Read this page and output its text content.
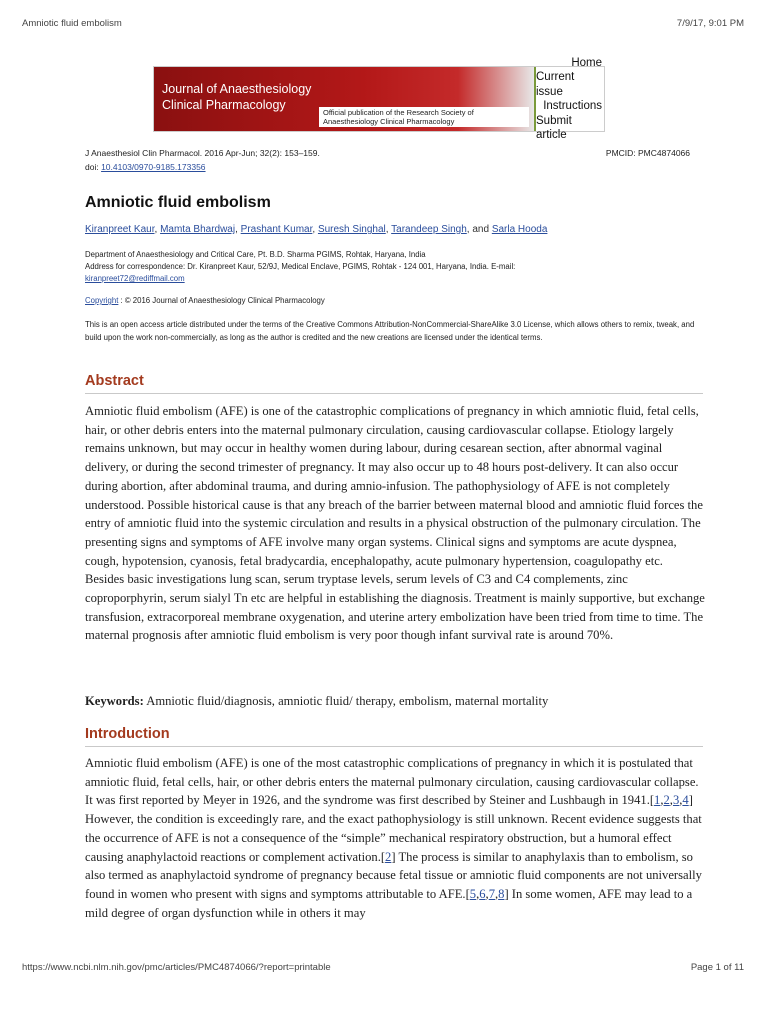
Amniotic fluid embolism	7/9/17, 9:01 PM
Journal of Anaesthesiology
Clinical Pharmacology
Official publication of the Research Society of
Anaesthesiology Clinical Pharmacology
Home
Current issue
Instructions
Submit article
J Anaesthesiol Clin Pharmacol. 2016 Apr-Jun; 32(2): 153–159.	PMCID: PMC4874066
doi: 10.4103/0970-9185.173356
Amniotic fluid embolism
Kiranpreet Kaur, Mamta Bhardwaj, Prashant Kumar, Suresh Singhal, Tarandeep Singh, and Sarla Hooda
Department of Anaesthesiology and Critical Care, Pt. B.D. Sharma PGIMS, Rohtak, Haryana, India
Address for correspondence: Dr. Kiranpreet Kaur, 52/9J, Medical Enclave, PGIMS, Rohtak - 124 001, Haryana, India. E-mail:
kiranpreet72@rediffmail.com
Copyright : © 2016 Journal of Anaesthesiology Clinical Pharmacology
This is an open access article distributed under the terms of the Creative Commons Attribution-NonCommercial-ShareAlike 3.0 License, which allows others to remix, tweak, and build upon the work non-commercially, as long as the author is credited and the new creations are licensed under the identical terms.
Abstract

Amniotic fluid embolism (AFE) is one of the catastrophic complications of pregnancy in which amniotic fluid, fetal cells, hair, or other debris enters into the maternal pulmonary circulation, causing cardiovascular collapse. Etiology largely remains unknown, but may occur in healthy women during labour, during cesarean section, after abnormal vaginal delivery, or during the second trimester of pregnancy. It may also occur up to 48 hours post-delivery. It can also occur during abortion, after abdominal trauma, and during amnio-infusion. The pathophysiology of AFE is not completely understood. Possible historical cause is that any breach of the barrier between maternal blood and amniotic fluid forces the entry of amniotic fluid into the systemic circulation and results in a physical obstruction of the pulmonary circulation. The presenting signs and symptoms of AFE involve many organ systems. Clinical signs and symptoms are acute dyspnea, cough, hypotension, cyanosis, fetal bradycardia, encephalopathy, acute pulmonary hypertension, coagulopathy etc. Besides basic investigations lung scan, serum tryptase levels, serum levels of C3 and C4 complements, zinc coproporphyrin, serum sialyl Tn etc are helpful in establishing the diagnosis. Treatment is mainly supportive, but exchange transfusion, extracorporeal membrane oxygenation, and uterine artery embolization have been tried from time to time. The maternal prognosis after amniotic fluid embolism is very poor though infant survival rate is around 70%.

Keywords: Amniotic fluid/diagnosis, amniotic fluid/ therapy, embolism, maternal mortality

Introduction

Amniotic fluid embolism (AFE) is one of the most catastrophic complications of pregnancy in which it is postulated that amniotic fluid, fetal cells, hair, or other debris enters the maternal pulmonary circulation, causing cardiovascular collapse. It was first reported by Meyer in 1926, and the syndrome was first described by Steiner and Lushbaugh in 1941.[1,2,3,4] However, the condition is exceedingly rare, and the exact pathophysiology is still unknown. Recent evidence suggests that the occurrence of AFE is not a consequence of the “simple” mechanical respiratory obstruction, but a humoral effect causing anaphylactoid reactions or complement activation.[2] The process is similar to anaphylaxis than to embolism, so also termed as anaphylactoid syndrome of pregnancy because fetal tissue or amniotic fluid components are not universally found in women who present with signs and symptoms attributable to AFE.[5,6,7,8] In some women, AFE may lead to a mild degree of organ dysfunction while in others it may

https://www.ncbi.nlm.nih.gov/pmc/articles/PMC4874066/?report=printable	Page 1 of 11
